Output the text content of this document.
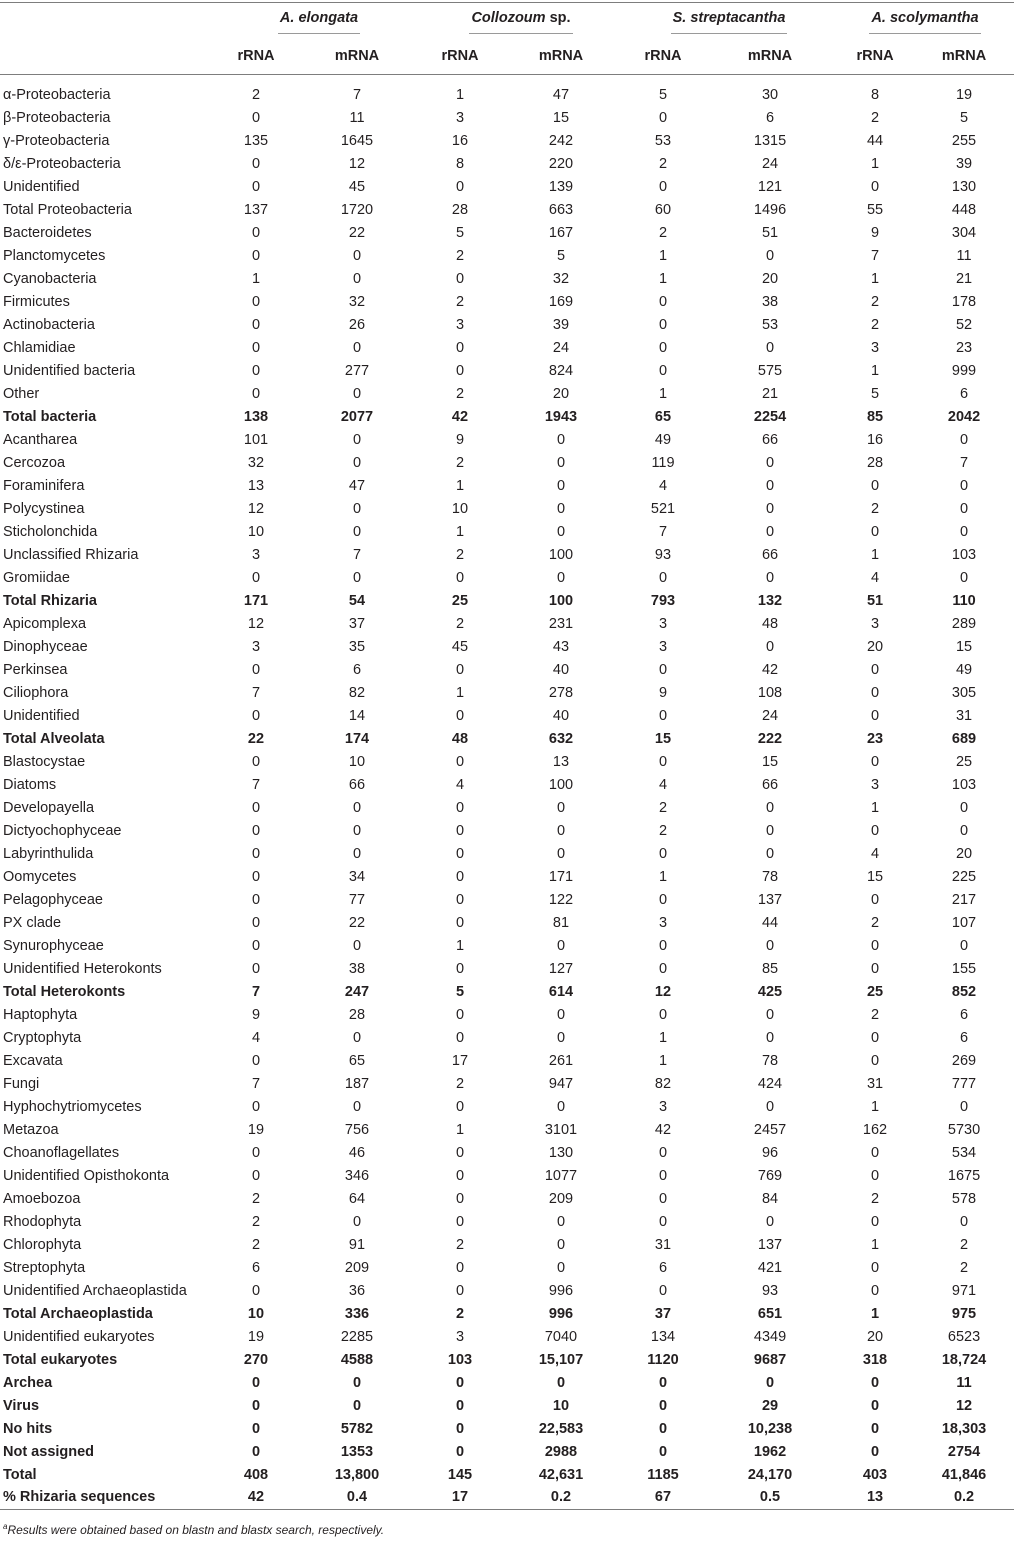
	A. elongata		Collozoum sp.		S. streptacantha		A. scolymantha	
	rRNA	mRNA	rRNA	mRNA	rRNA	mRNA	rRNA	mRNA
α-Proteobacteria	2	7	1	47	5	30	8	19
β-Proteobacteria	0	11	3	15	0	6	2	5
γ-Proteobacteria	135	1645	16	242	53	1315	44	255
δ/ε-Proteobacteria	0	12	8	220	2	24	1	39
Unidentified	0	45	0	139	0	121	0	130
Total Proteobacteria	137	1720	28	663	60	1496	55	448
Bacteroidetes	0	22	5	167	2	51	9	304
Planctomycetes	0	0	2	5	1	0	7	11
Cyanobacteria	1	0	0	32	1	20	1	21
Firmicutes	0	32	2	169	0	38	2	178
Actinobacteria	0	26	3	39	0	53	2	52
Chlamidiae	0	0	0	24	0	0	3	23
Unidentified bacteria	0	277	0	824	0	575	1	999
Other	0	0	2	20	1	21	5	6
Total bacteria	138	2077	42	1943	65	2254	85	2042
Acantharea	101	0	9	0	49	66	16	0
Cercozoa	32	0	2	0	119	0	28	7
Foraminifera	13	47	1	0	4	0	0	0
Polycystinea	12	0	10	0	521	0	2	0
Sticholonchida	10	0	1	0	7	0	0	0
Unclassified Rhizaria	3	7	2	100	93	66	1	103
Gromiidae	0	0	0	0	0	0	4	0
Total Rhizaria	171	54	25	100	793	132	51	110
Apicomplexa	12	37	2	231	3	48	3	289
Dinophyceae	3	35	45	43	3	0	20	15
Perkinsea	0	6	0	40	0	42	0	49
Ciliophora	7	82	1	278	9	108	0	305
Unidentified	0	14	0	40	0	24	0	31
Total Alveolata	22	174	48	632	15	222	23	689
Blastocystae	0	10	0	13	0	15	0	25
Diatoms	7	66	4	100	4	66	3	103
Developayella	0	0	0	0	2	0	1	0
Dictyochophyceae	0	0	0	0	2	0	0	0
Labyrinthulida	0	0	0	0	0	0	4	20
Oomycetes	0	34	0	171	1	78	15	225
Pelagophyceae	0	77	0	122	0	137	0	217
PX clade	0	22	0	81	3	44	2	107
Synurophyceae	0	0	1	0	0	0	0	0
Unidentified Heterokonts	0	38	0	127	0	85	0	155
Total Heterokonts	7	247	5	614	12	425	25	852
Haptophyta	9	28	0	0	0	0	2	6
Cryptophyta	4	0	0	0	1	0	0	6
Excavata	0	65	17	261	1	78	0	269
Fungi	7	187	2	947	82	424	31	777
Hyphochytriomycetes	0	0	0	0	3	0	1	0
Metazoa	19	756	1	3101	42	2457	162	5730
Choanoflagellates	0	46	0	130	0	96	0	534
Unidentified Opisthokonta	0	346	0	1077	0	769	0	1675
Amoebozoa	2	64	0	209	0	84	2	578
Rhodophyta	2	0	0	0	0	0	0	0
Chlorophyta	2	91	2	0	31	137	1	2
Streptophyta	6	209	0	0	6	421	0	2
Unidentified Archaeoplastida	0	36	0	996	0	93	0	971
Total Archaeoplastida	10	336	2	996	37	651	1	975
Unidentified eukaryotes	19	2285	3	7040	134	4349	20	6523
Total eukaryotes	270	4588	103	15,107	1120	9687	318	18,724
Archea	0	0	0	0	0	0	0	11
Virus	0	0	0	10	0	29	0	12
No hits	0	5782	0	22,583	0	10,238	0	18,303
Not assigned	0	1353	0	2988	0	1962	0	2754
Total	408	13,800	145	42,631	1185	24,170	403	41,846
% Rhizaria sequences	42	0.4	17	0.2	67	0.5	13	0.2
$^a$Results were obtained based on blastn and blastx search, respectively.
